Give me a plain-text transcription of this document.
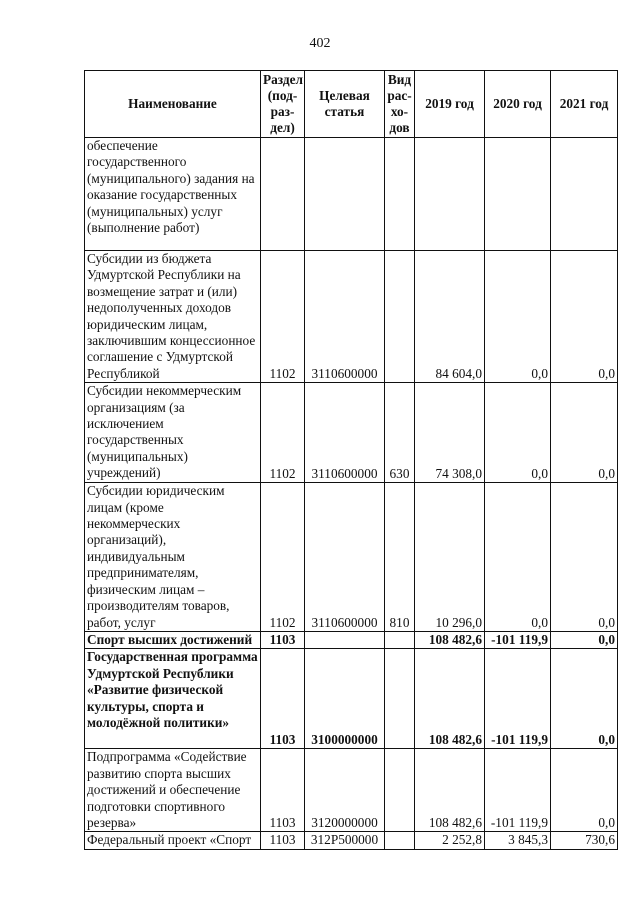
402
Наименование	Раздел (под-раз-дел)	Целевая статья	Вид рас-хо-дов	2019 год	2020 год	2021 год
обеспечение государственного (муниципального) задания на оказание государственных (муниципальных) услуг (выполнение работ)						
Субсидии из бюджета Удмуртской Республики на возмещение затрат и (или) недополученных доходов юридическим лицам, заключившим концессионное соглашение с Удмуртской Республикой	1102	3110600000		84 604,0	0,0	0,0
Субсидии некоммерческим организациям (за исключением государственных (муниципальных) учреждений)	1102	3110600000	630	74 308,0	0,0	0,0
Субсидии юридическим лицам (кроме некоммерческих организаций), индивидуальным предпринимателям, физическим лицам – производителям товаров, работ, услуг	1102	3110600000	810	10 296,0	0,0	0,0
Спорт высших достижений	1103			108 482,6	-101 119,9	0,0
Государственная программа Удмуртской Республики «Развитие физической культуры, спорта и молодёжной политики»	1103	3100000000		108 482,6	-101 119,9	0,0
Подпрограмма «Содействие развитию спорта высших достижений и обеспечение подготовки спортивного резерва»	1103	3120000000		108 482,6	-101 119,9	0,0
Федеральный проект «Спорт	1103	312P500000		2 252,8	3 845,3	730,6
